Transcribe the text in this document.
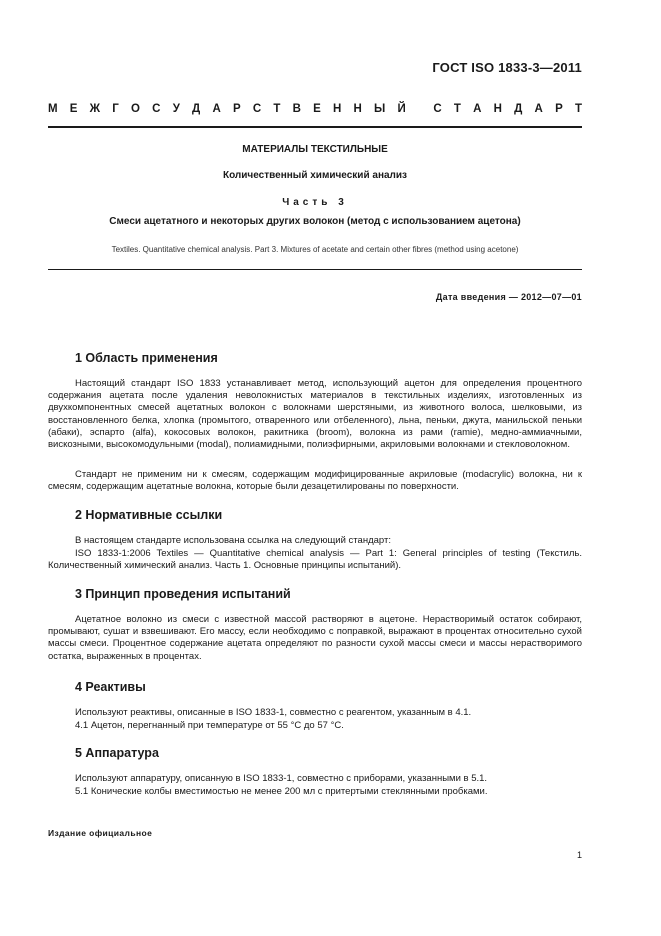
ГОСТ ISO 1833-3—2011
М Е Ж Г О С У Д А Р С Т В Е Н Н Ы Й
С Т А Н Д А Р Т
МАТЕРИАЛЫ ТЕКСТИЛЬНЫЕ
Количественный химический анализ
Часть 3
Смеси ацетатного и некоторых других волокон (метод с использованием ацетона)
Textiles. Quantitative chemical analysis. Part 3. Mixtures of acetate and certain other fibres (method using acetone)
Дата введения — 2012—07—01
1 Область применения
Настоящий стандарт ISO 1833 устанавливает метод, использующий ацетон для определения процентного содержания ацетата после удаления неволокнистых материалов в текстильных изделиях, изготовленных из двухкомпонентных смесей ацетатных волокон с волокнами шерстяными, из животного волоса, шелковыми, из восстановленного белка, хлопка (промытого, отваренного или отбеленного), льна, пеньки, джута, манильской пеньки (абаки), эспарто (alfa), кокосовых волокон, ракитника (broom), волокна из рами (ramie), медно-аммиачными, вискозными, высокомодульными (modal), полиамидными, полиэфирными, акриловыми волокнами и стекловолокном.
Стандарт не применим ни к смесям, содержащим модифицированные акриловые (modacrylic) волокна, ни к смесям, содержащим ацетатные волокна, которые были дезацетилированы по поверхности.
2 Нормативные ссылки
В настоящем стандарте использована ссылка на следующий стандарт:
ISO 1833-1:2006 Textiles — Quantitative chemical analysis — Part 1: General principles of testing (Текстиль. Количественный химический анализ. Часть 1. Основные принципы испытаний).
3 Принцип проведения испытаний
Ацетатное волокно из смеси с известной массой растворяют в ацетоне. Нерастворимый остаток собирают, промывают, сушат и взвешивают. Его массу, если необходимо с поправкой, выражают в процентах относительно сухой массы смеси. Процентное содержание ацетата определяют по разности сухой массы смеси и массы нерастворимого остатка, выраженных в процентах.
4 Реактивы
Используют реактивы, описанные в ISO 1833-1, совместно с реагентом, указанным в 4.1.
4.1 Ацетон, перегнанный при температуре от 55 °С до 57 °С.
5 Аппаратура
Используют аппаратуру, описанную в ISO 1833-1, совместно с приборами, указанными в 5.1.
5.1 Конические колбы вместимостью не менее 200 мл с притертыми стеклянными пробками.
Издание официальное
1
